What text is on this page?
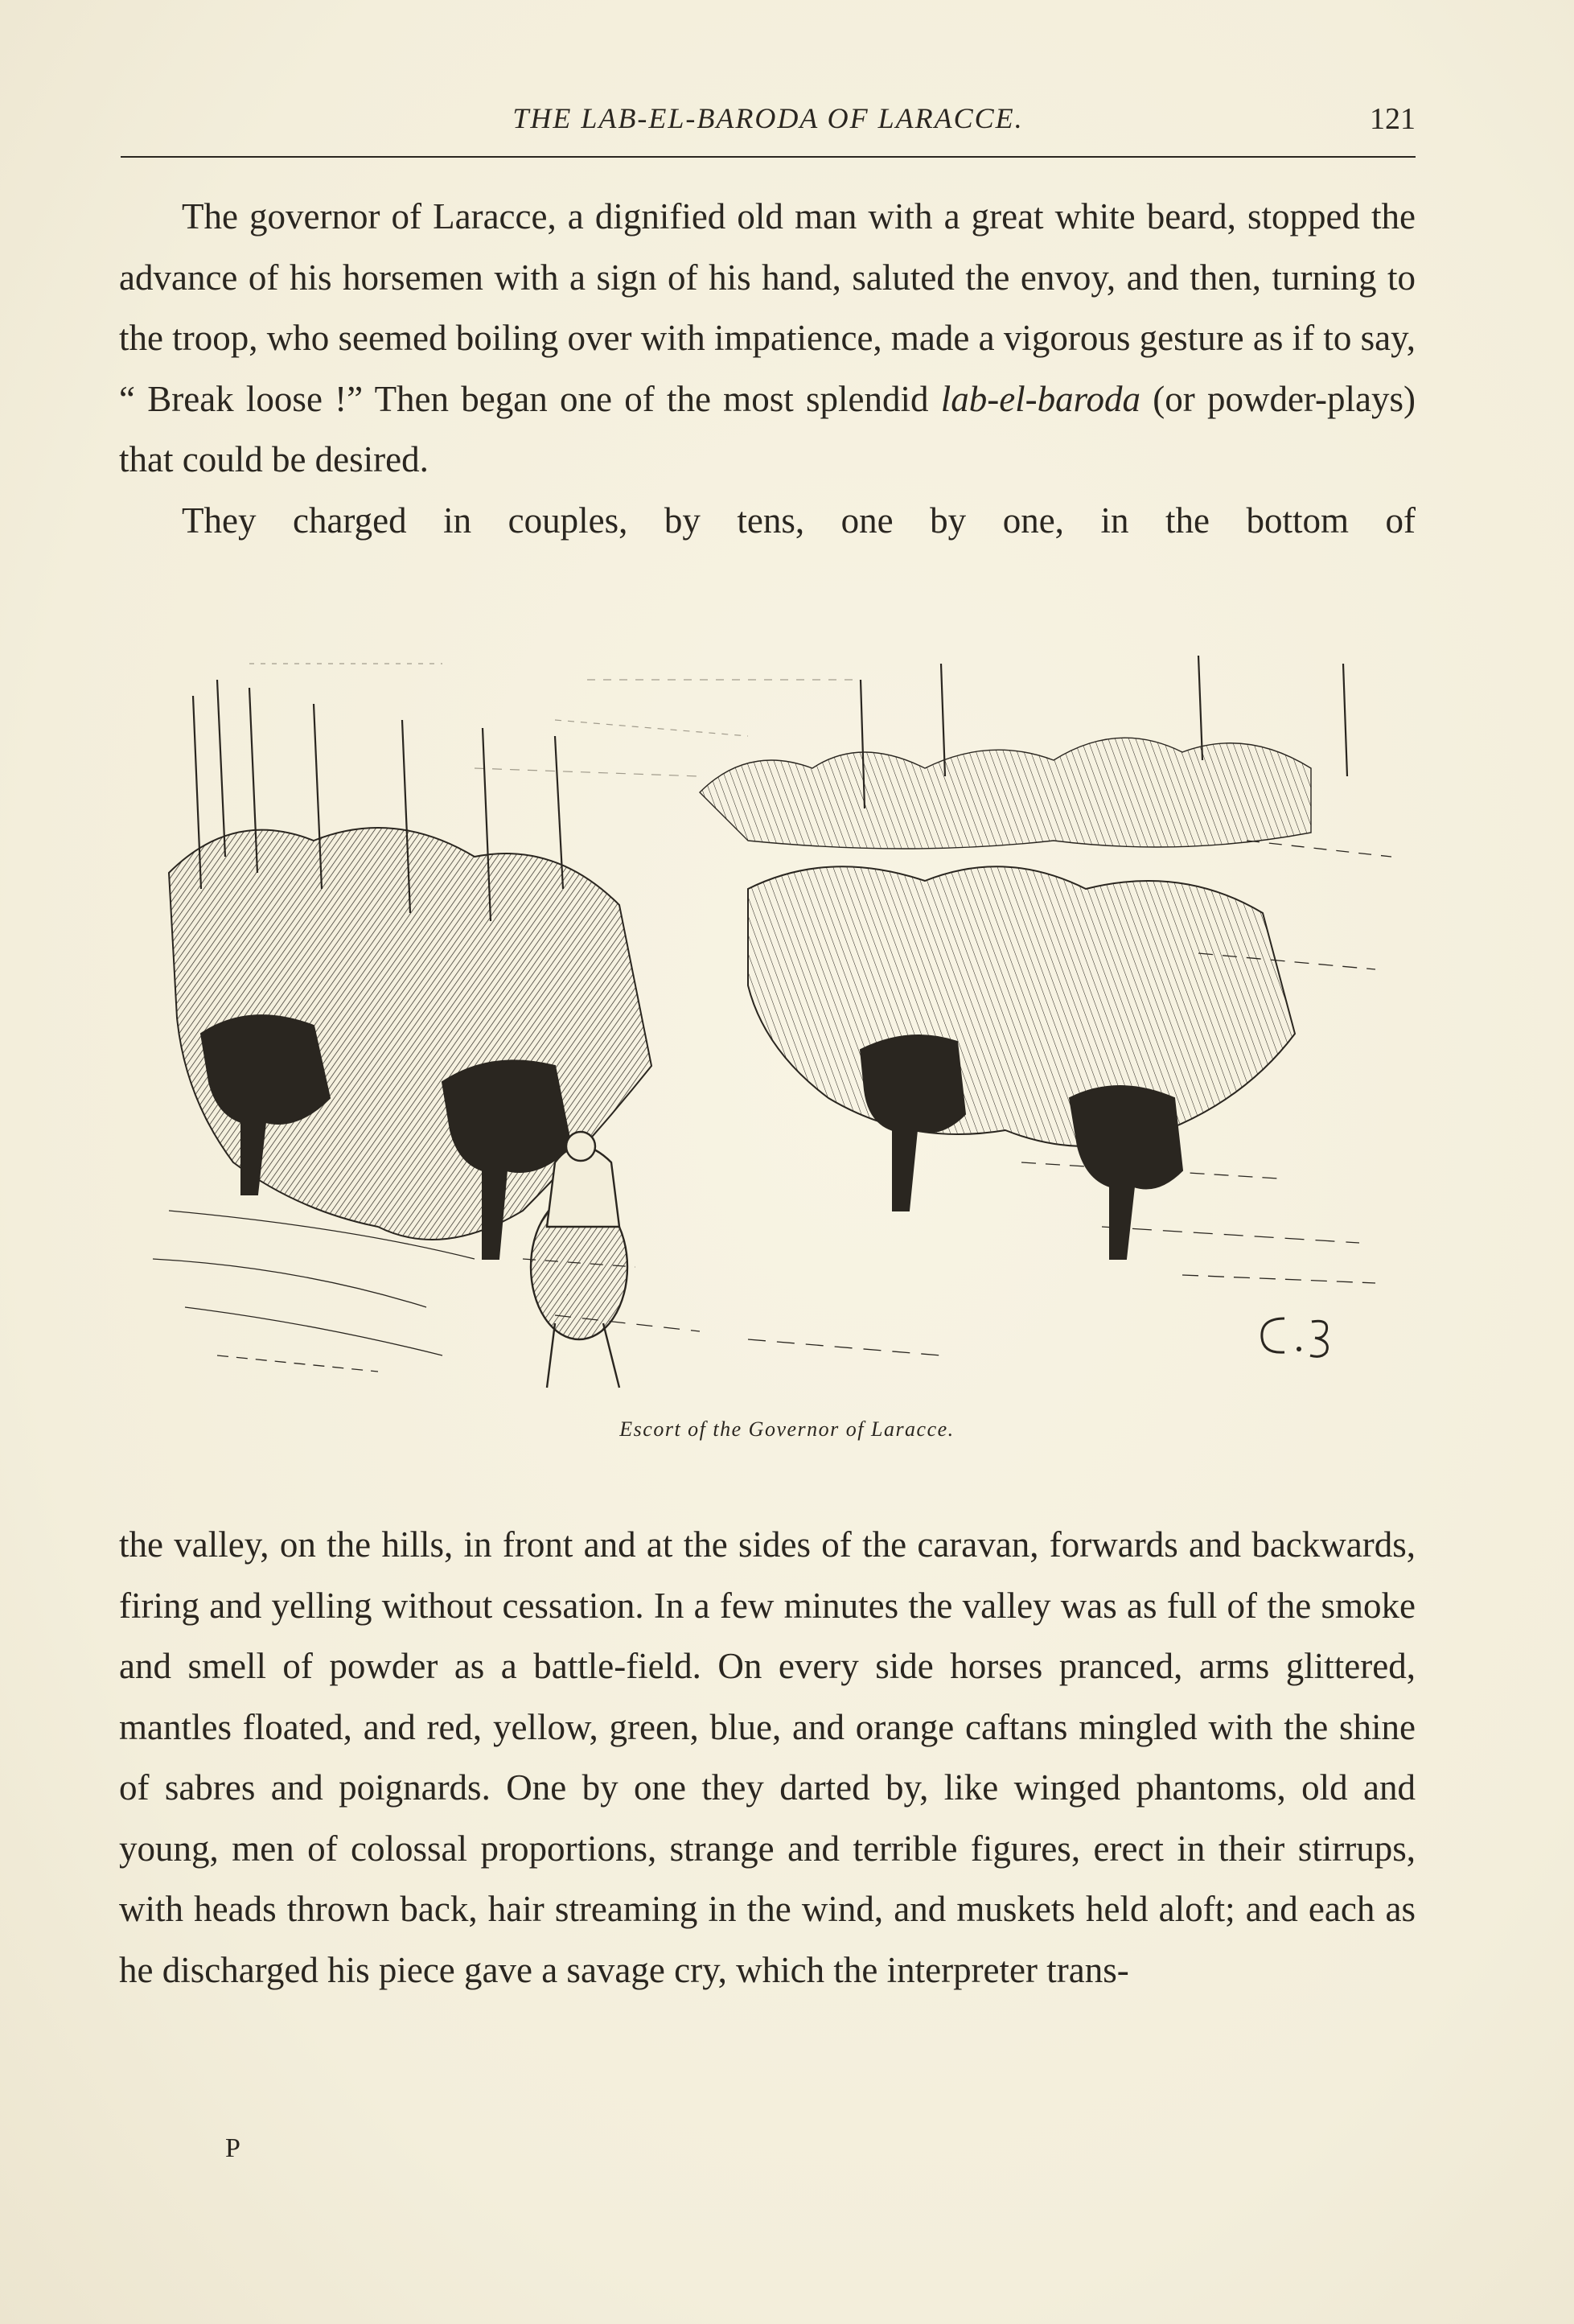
THE LAB-EL-BARODA OF LARACCE.	121

The governor of Laracce, a dignified old man with a great white beard, stopped the advance of his horsemen with a sign of his hand, saluted the envoy, and then, turning to the troop, who seemed boiling over with impatience, made a vigorous gesture as if to say, “ Break loose !” Then began one of the most splendid lab-el-baroda (or powder-plays) that could be desired.

They charged in couples, by tens, one by one, in the bottom of

Escort of the Governor of Laracce.

the valley, on the hills, in front and at the sides of the caravan, forwards and backwards, firing and yelling without cessation. In a few minutes the valley was as full of the smoke and smell of powder as a battle-field. On every side horses pranced, arms glittered, mantles floated, and red, yellow, green, blue, and orange caftans mingled with the shine of sabres and poignards. One by one they darted by, like winged phantoms, old and young, men of colossal proportions, strange and terrible figures, erect in their stirrups, with heads thrown back, hair streaming in the wind, and muskets held aloft; and each as he discharged his piece gave a savage cry, which the interpreter trans-

P
